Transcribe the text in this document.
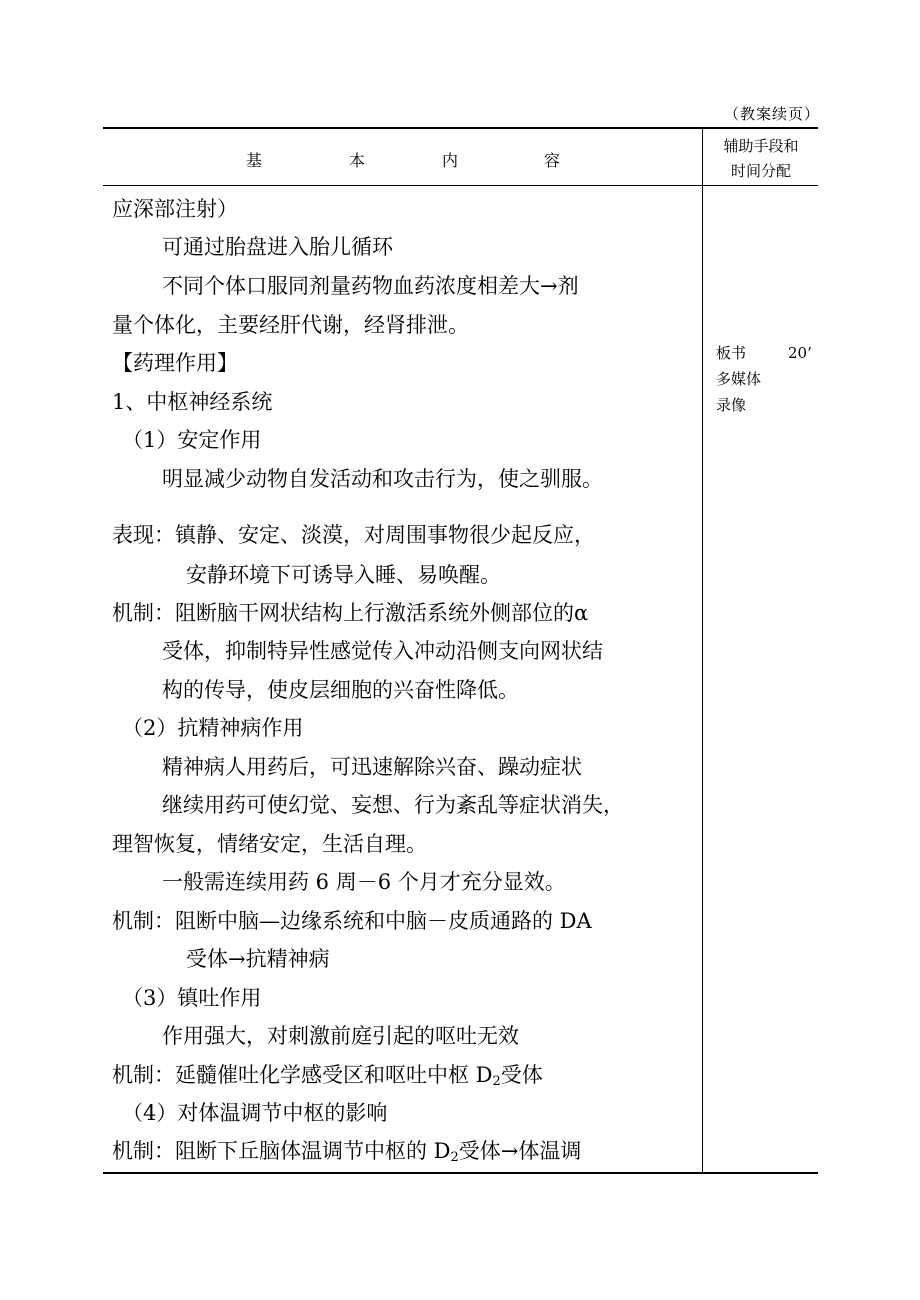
（教案续页）
基	本	内	容
辅助手段和
时间分配
应深部注射）
可通过胎盘进入胎儿循环
不同个体口服同剂量药物血药浓度相差大→剂
量个体化，主要经肝代谢，经肾排泄。
【药理作用】
1、中枢神经系统
（1）安定作用
明显减少动物自发活动和攻击行为，使之驯服。
表现：镇静、安定、淡漠，对周围事物很少起反应，
安静环境下可诱导入睡、易唤醒。
机制：阻断脑干网状结构上行激活系统外侧部位的α
受体，抑制特异性感觉传入冲动沿侧支向网状结
构的传导，使皮层细胞的兴奋性降低。
（2）抗精神病作用
精神病人用药后，可迅速解除兴奋、躁动症状
继续用药可使幻觉、妄想、行为紊乱等症状消失，
理智恢复，情绪安定，生活自理。
一般需连续用药 6 周－6 个月才充分显效。
机制：阻断中脑—边缘系统和中脑－皮质通路的 DA
受体→抗精神病
（3）镇吐作用
作用强大，对刺激前庭引起的呕吐无效
机制：延髓催吐化学感受区和呕吐中枢 $D_2$受体
（4）对体温调节中枢的影响
机制：阻断下丘脑体温调节中枢的 $D_2$受体→体温调
板书	20’
多媒体
录像
